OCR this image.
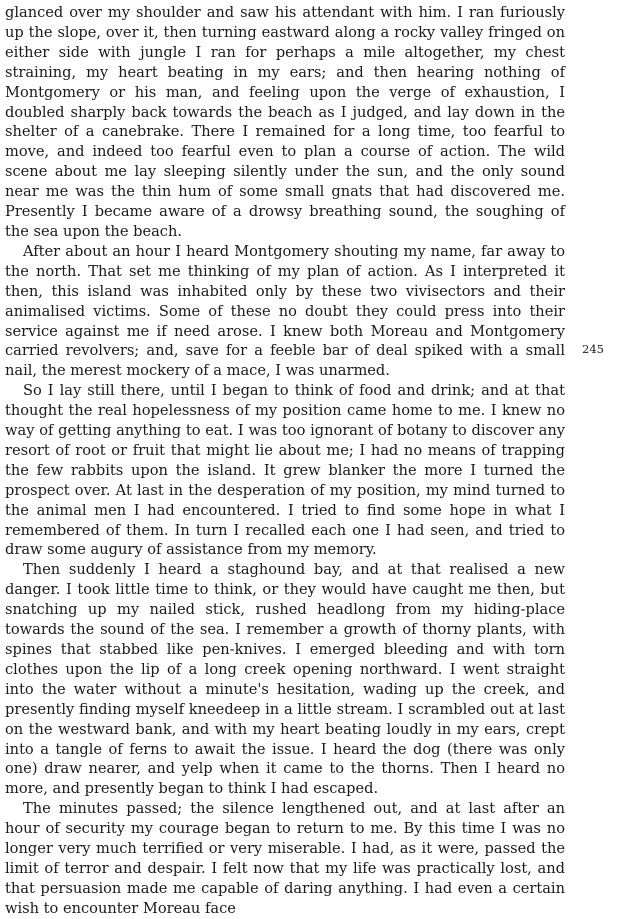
glanced over my shoulder and saw his attendant with him. I ran furiously up the slope, over it, then turning eastward along a rocky valley fringed on either side with jungle I ran for perhaps a mile altogether, my chest straining, my heart beating in my ears; and then hearing nothing of Montgomery or his man, and feeling upon the verge of exhaustion, I doubled sharply back towards the beach as I judged, and lay down in the shelter of a canebrake. There I remained for a long time, too fearful to move, and indeed too fearful even to plan a course of action. The wild scene about me lay sleeping silently under the sun, and the only sound near me was the thin hum of some small gnats that had discovered me. Presently I became aware of a drowsy breathing sound, the soughing of the sea upon the beach.

After about an hour I heard Montgomery shouting my name, far away to the north. That set me thinking of my plan of action. As I interpreted it then, this island was inhabited only by these two vivisectors and their animalised victims. Some of these no doubt they could press into their service against me if need arose. I knew both Moreau and Montgomery carried revolvers; and, save for a feeble bar of deal spiked with a small nail, the merest mockery of a mace, I was unarmed.

So I lay still there, until I began to think of food and drink; and at that thought the real hopelessness of my position came home to me. I knew no way of getting anything to eat. I was too ignorant of botany to discover any resort of root or fruit that might lie about me; I had no means of trapping the few rabbits upon the island. It grew blanker the more I turned the prospect over. At last in the desperation of my position, my mind turned to the animal men I had encountered. I tried to find some hope in what I remembered of them. In turn I recalled each one I had seen, and tried to draw some augury of assistance from my memory.

Then suddenly I heard a staghound bay, and at that realised a new danger. I took little time to think, or they would have caught me then, but snatching up my nailed stick, rushed headlong from my hiding-place towards the sound of the sea. I remember a growth of thorny plants, with spines that stabbed like pen-knives. I emerged bleeding and with torn clothes upon the lip of a long creek opening northward. I went straight into the water without a minute's hesitation, wading up the creek, and presently finding myself kneedeep in a little stream. I scrambled out at last on the westward bank, and with my heart beating loudly in my ears, crept into a tangle of ferns to await the issue. I heard the dog (there was only one) draw nearer, and yelp when it came to the thorns. Then I heard no more, and presently began to think I had escaped.

The minutes passed; the silence lengthened out, and at last after an hour of security my courage began to return to me. By this time I was no longer very much terrified or very miserable. I had, as it were, passed the limit of terror and despair. I felt now that my life was practically lost, and that persuasion made me capable of daring anything. I had even a certain wish to encounter Moreau face

245
